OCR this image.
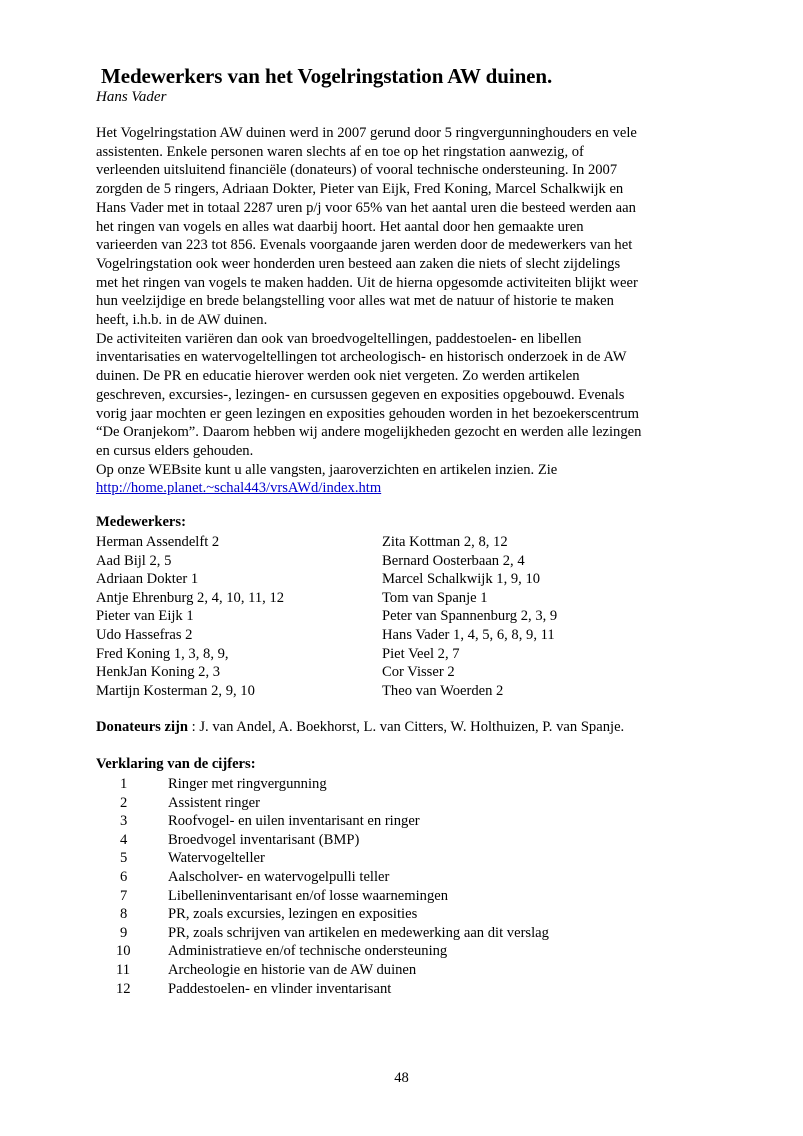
Medewerkers van het Vogelringstation AW duinen.
Hans Vader
Het Vogelringstation AW duinen werd in 2007 gerund door 5 ringvergunninghouders en vele
assistenten. Enkele personen waren slechts af en toe op het ringstation aanwezig, of
verleenden uitsluitend financiële (donateurs) of vooral technische ondersteuning. In 2007
zorgden de 5 ringers, Adriaan Dokter, Pieter van Eijk, Fred Koning, Marcel Schalkwijk en
Hans Vader met in totaal 2287 uren p/j voor 65% van het aantal uren die besteed werden aan
het ringen van vogels en alles wat daarbij hoort. Het aantal door hen gemaakte uren
varieerden van 223 tot 856. Evenals voorgaande jaren werden door de medewerkers van het
Vogelringstation ook weer honderden uren besteed aan zaken die niets of slecht zijdelings
met het ringen van vogels te maken hadden. Uit de hierna opgesomde activiteiten blijkt weer
hun veelzijdige en brede belangstelling voor alles wat met de natuur of historie te maken
heeft, i.h.b. in de AW duinen.
De activiteiten variëren dan ook van broedvogeltellingen, paddestoelen- en libellen
inventarisaties en watervogeltellingen tot archeologisch- en historisch onderzoek in de AW
duinen. De PR en educatie hierover werden ook niet vergeten. Zo werden artikelen
geschreven, excursies-, lezingen- en cursussen gegeven en exposities opgebouwd. Evenals
vorig jaar mochten er geen lezingen en exposities gehouden worden in het bezoekerscentrum
“De Oranjekom”. Daarom hebben wij andere mogelijkheden gezocht en werden alle lezingen
en cursus elders gehouden.
Op onze WEBsite kunt u alle vangsten, jaaroverzichten en artikelen inzien. Zie
http://home.planet.~schal443/vrsAWd/index.htm
Medewerkers:
Herman Assendelft 2	Zita Kottman 2, 8, 12
Aad Bijl 2, 5	Bernard Oosterbaan 2, 4
Adriaan Dokter 1	Marcel Schalkwijk 1, 9, 10
Antje Ehrenburg 2, 4, 10, 11, 12	Tom van Spanje 1
Pieter van Eijk 1	Peter van Spannenburg 2, 3, 9
Udo Hassefras 2	Hans Vader 1, 4, 5, 6, 8, 9, 11
Fred Koning 1, 3, 8, 9,	Piet Veel 2, 7
HenkJan Koning 2, 3	Cor Visser 2
Martijn Kosterman 2, 9, 10	Theo van Woerden 2
Donateurs zijn : J. van Andel, A. Boekhorst, L. van Citters, W. Holthuizen, P. van Spanje.
Verklaring van de cijfers:
1	Ringer met ringvergunning
2	Assistent ringer
3	Roofvogel- en uilen inventarisant en ringer
4	Broedvogel inventarisant (BMP)
5	Watervogelteller
6	Aalscholver- en watervogelpulli teller
7	Libelleninventarisant en/of losse waarnemingen
8	PR, zoals excursies, lezingen en exposities
9	PR, zoals schrijven van artikelen en medewerking aan dit verslag
10	Administratieve en/of technische ondersteuning
11	Archeologie en historie van de AW duinen
12	Paddestoelen- en vlinder inventarisant
48
